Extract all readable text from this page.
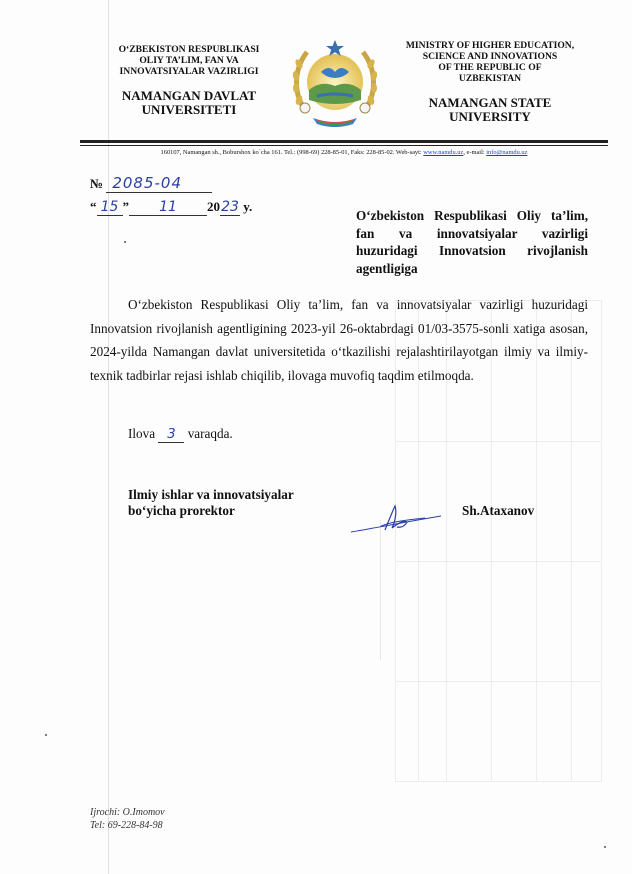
O‘ZBEKISTON RESPUBLIKASI
OLIY TA’LIM, FAN VA
INNOVATSIYALAR VAZIRLIGI
NAMANGAN DAVLAT
UNIVERSITETI
MINISTRY OF HIGHER EDUCATION,
SCIENCE AND INNOVATIONS
OF THE REPUBLIC OF
UZBEKISTAN
NAMANGAN STATE
UNIVERSITY
160107, Namangan sh., Boburshox ko`cha 161. Tel.: (998-69) 228-85-01, Faks: 228-85-02. Web-sayt: www.namdu.uz, e-mail: info@namdu.uz
№ 2085-04
“ 15 ” 11 2023 y.
O‘zbekiston Respublikasi Oliy ta’lim, fan va innovatsiyalar vazirligi huzuridagi Innovatsion rivojlanish agentligiga

O‘zbekiston Respublikasi Oliy ta’lim, fan va innovatsiyalar vazirligi huzuridagi Innovatsion rivojlanish agentligining 2023-yil 26-oktabrdagi 01/03-3575-sonli xatiga asosan, 2024-yilda Namangan davlat universitetida o‘tkazilishi rejalashtirilayotgan ilmiy va ilmiy-texnik tadbirlar rejasi ishlab chiqilib, ilovaga muvofiq taqdim etilmoqda.

Ilova 3 varaqda.
Ilmiy ishlar va innovatsiyalar
bo‘yicha prorektor	Sh.Ataxanov
Ijrochi: O.Imomov
Tel: 69-228-84-98
